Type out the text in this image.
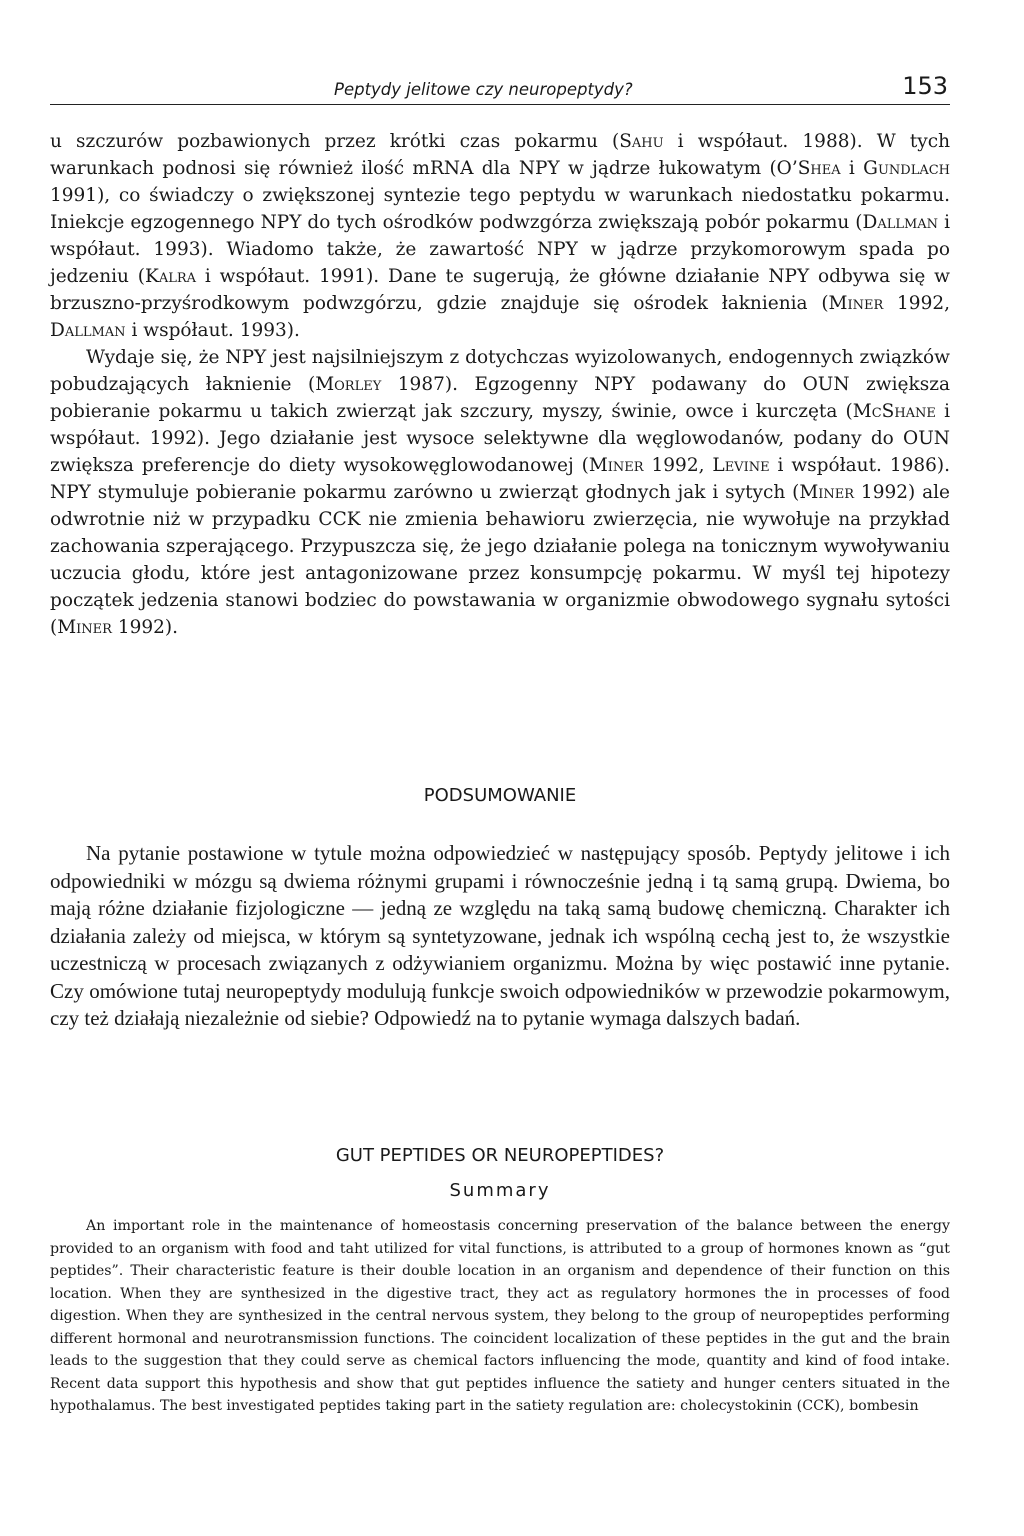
Peptydy jelitowe czy neuropeptydy?	153

u szczurów pozbawionych przez krótki czas pokarmu (Sahu i współaut. 1988). W tych warunkach podnosi się również ilość mRNA dla NPY w jądrze łukowatym (O’Shea i Gundlach 1991), co świadczy o zwiększonej syntezie tego peptydu w warunkach niedostatku pokarmu. Iniekcje egzogennego NPY do tych ośrodków podwzgórza zwiększają pobór pokarmu (Dallman i współaut. 1993). Wiadomo także, że zawartość NPY w jądrze przykomorowym spada po jedzeniu (Kalra i współaut. 1991). Dane te sugerują, że główne działanie NPY odbywa się w brzuszno-przyśrodkowym podwzgórzu, gdzie znajduje się ośrodek łaknienia (Miner 1992, Dallman i współaut. 1993).

Wydaje się, że NPY jest najsilniejszym z dotychczas wyizolowanych, endogennych związków pobudzających łaknienie (Morley 1987). Egzogenny NPY podawany do OUN zwiększa pobieranie pokarmu u takich zwierząt jak szczury, myszy, świnie, owce i kurczęta (McShane i współaut. 1992). Jego działanie jest wysoce selektywne dla węglowodanów, podany do OUN zwiększa preferencje do diety wysokowęglowodanowej (Miner 1992, Levine i współaut. 1986). NPY stymuluje pobieranie pokarmu zarówno u zwierząt głodnych jak i sytych (Miner 1992) ale odwrotnie niż w przypadku CCK nie zmienia behawioru zwierzęcia, nie wywołuje na przykład zachowania szperającego. Przypuszcza się, że jego działanie polega na tonicznym wywoływaniu uczucia głodu, które jest antagonizowane przez konsumpcję pokarmu. W myśl tej hipotezy początek jedzenia stanowi bodziec do powstawania w organizmie obwodowego sygnału sytości (Miner 1992).

PODSUMOWANIE

Na pytanie postawione w tytule można odpowiedzieć w następujący sposób. Peptydy jelitowe i ich odpowiedniki w mózgu są dwiema różnymi grupami i równocześnie jedną i tą samą grupą. Dwiema, bo mają różne działanie fizjologiczne — jedną ze względu na taką samą budowę chemiczną. Charakter ich działania zależy od miejsca, w którym są syntetyzowane, jednak ich wspólną cechą jest to, że wszystkie uczestniczą w procesach związanych z odżywianiem organizmu. Można by więc postawić inne pytanie. Czy omówione tutaj neuropeptydy modulują funkcje swoich odpowiedników w przewodzie pokarmowym, czy też działają niezależnie od siebie? Odpowiedź na to pytanie wymaga dalszych badań.

GUT PEPTIDES OR NEUROPEPTIDES?
Summary

An important role in the maintenance of homeostasis concerning preservation of the balance between the energy provided to an organism with food and taht utilized for vital functions, is attributed to a group of hormones known as “gut peptides”. Their characteristic feature is their double location in an organism and dependence of their function on this location. When they are synthesized in the digestive tract, they act as regulatory hormones the in processes of food digestion. When they are synthesized in the central nervous system, they belong to the group of neuropeptides performing different hormonal and neurotransmission functions. The coincident localization of these peptides in the gut and the brain leads to the suggestion that they could serve as chemical factors influencing the mode, quantity and kind of food intake. Recent data support this hypothesis and show that gut peptides influence the satiety and hunger centers situated in the hypothalamus. The best investigated peptides taking part in the satiety regulation are: cholecystokinin (CCK), bombesin
